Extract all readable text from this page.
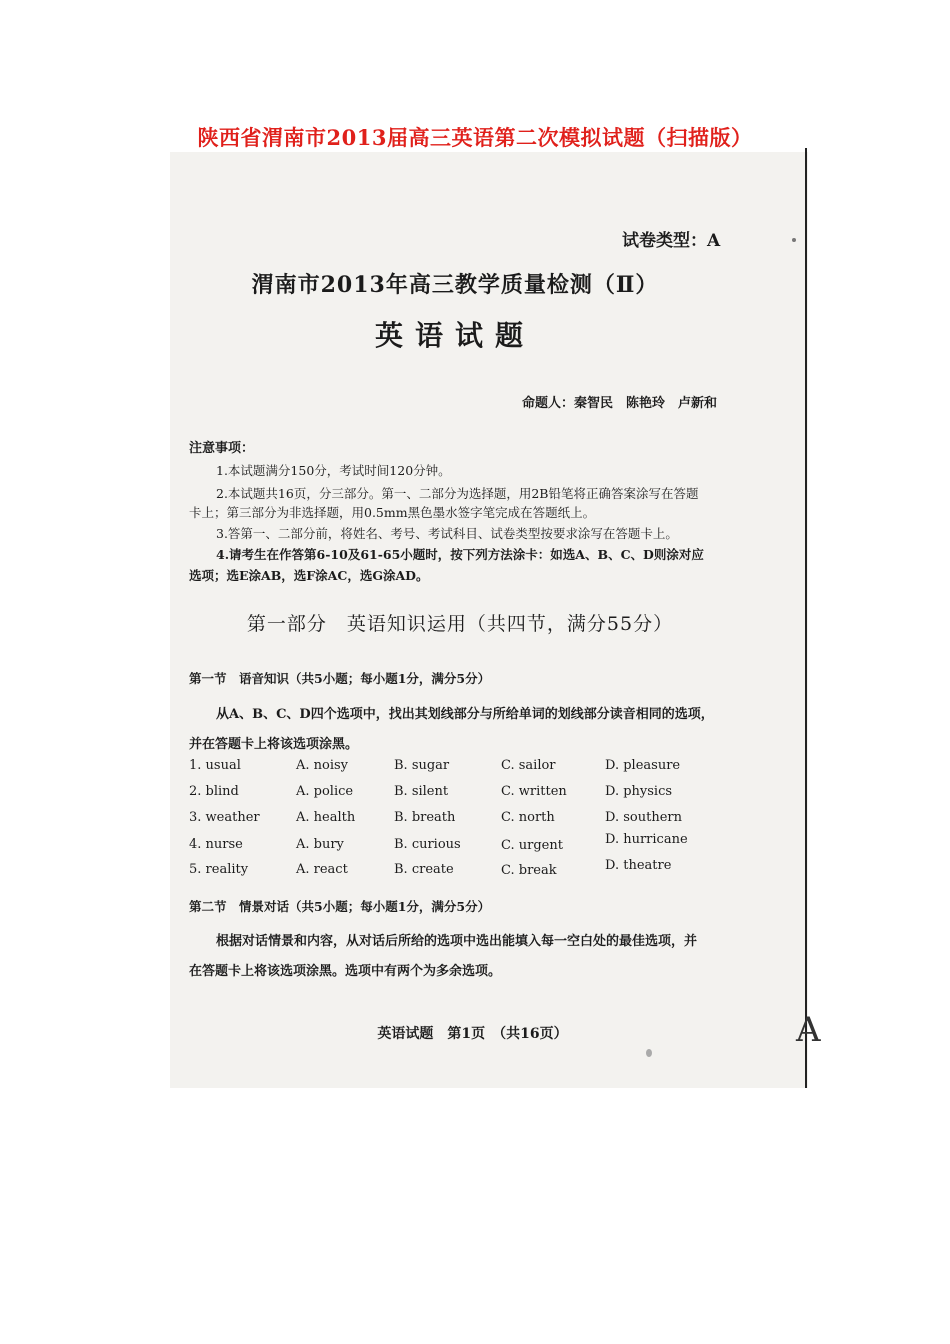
陕西省渭南市2013届高三英语第二次模拟试题（扫描版）
A
试卷类型：A
渭南市2013年高三教学质量检测（Ⅱ）
英语试题
命题人：秦智民　陈艳玲　卢新和
注意事项：
1.本试题满分150分，考试时间120分钟。
2.本试题共16页，分三部分。第一、二部分为选择题，用2B铅笔将正确答案涂写在答题
卡上；第三部分为非选择题，用0.5mm黑色墨水签字笔完成在答题纸上。
3.答第一、二部分前，将姓名、考号、考试科目、试卷类型按要求涂写在答题卡上。
4.请考生在作答第6-10及61-65小题时，按下列方法涂卡：如选A、B、C、D则涂对应
选项；选E涂AB，选F涂AC，选G涂AD。
第一部分　英语知识运用（共四节，满分55分）
第一节　语音知识（共5小题；每小题1分，满分5分）
从A、B、C、D四个选项中，找出其划线部分与所给单词的划线部分读音相同的选项，
并在答题卡上将该选项涂黑。
1. usual	A. noisy	B. sugar	C. sailor	D. pleasure
2. blind	A. police	B. silent	C. written	D. physics
3. weather	A. health	B. breath	C. north	D. southern
4. nurse	A. bury	B. curious	C. urgent	D. hurricane
5. reality	A. react	B. create	C. break	D. theatre
第二节　情景对话（共5小题；每小题1分，满分5分）
根据对话情景和内容，从对话后所给的选项中选出能填入每一空白处的最佳选项，并
在答题卡上将该选项涂黑。选项中有两个为多余选项。
英语试题　第1页　（共16页）
